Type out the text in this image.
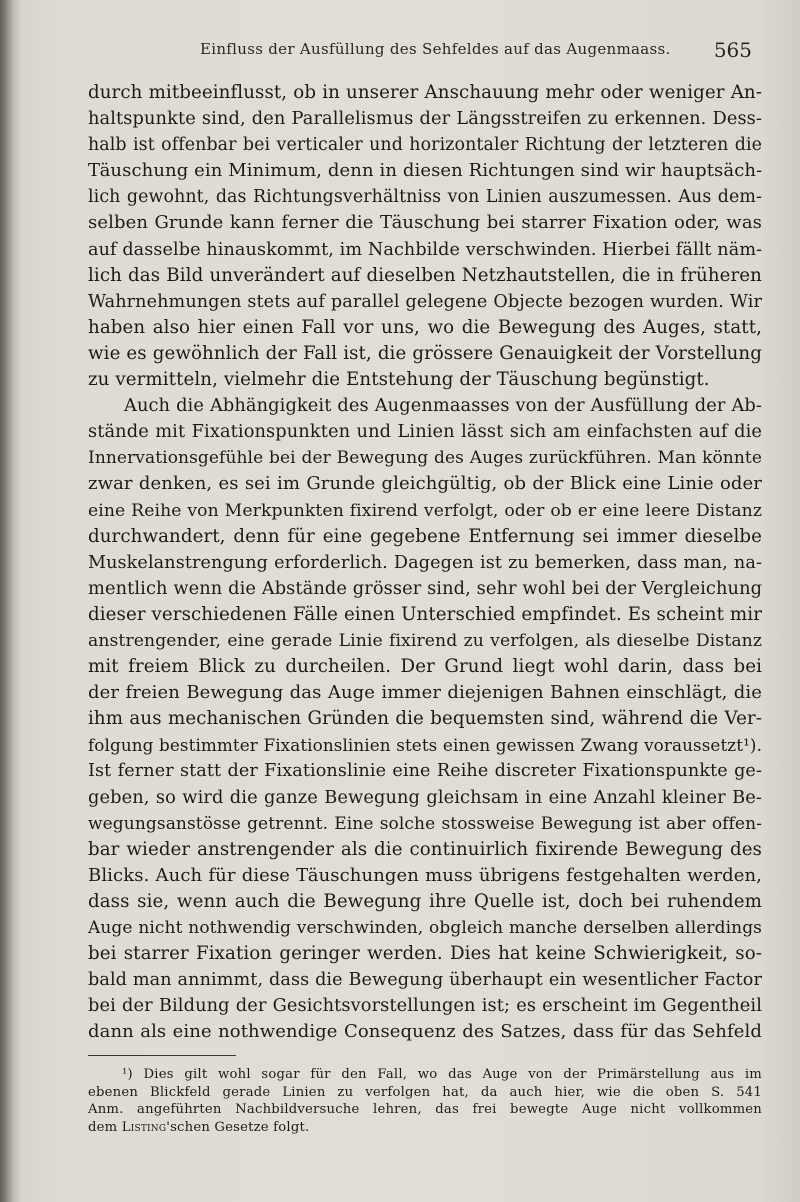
Einfluss der Ausfüllung des Sehfeldes auf das Augenmaass. 565
durch mitbeeinflusst, ob in unserer Anschauung mehr oder weniger An-
haltspunkte sind, den Parallelismus der Längsstreifen zu erkennen. Dess-
halb ist offenbar bei verticaler und horizontaler Richtung der letzteren die
Täuschung ein Minimum, denn in diesen Richtungen sind wir hauptsäch-
lich gewohnt, das Richtungsverhältniss von Linien auszumessen. Aus dem-
selben Grunde kann ferner die Täuschung bei starrer Fixation oder, was
auf dasselbe hinauskommt, im Nachbilde verschwinden. Hierbei fällt näm-
lich das Bild unverändert auf dieselben Netzhautstellen, die in früheren
Wahrnehmungen stets auf parallel gelegene Objecte bezogen wurden. Wir
haben also hier einen Fall vor uns, wo die Bewegung des Auges, statt,
wie es gewöhnlich der Fall ist, die grössere Genauigkeit der Vorstellung
zu vermitteln, vielmehr die Entstehung der Täuschung begünstigt.
Auch die Abhängigkeit des Augenmaasses von der Ausfüllung der Ab-
stände mit Fixationspunkten und Linien lässt sich am einfachsten auf die
Innervationsgefühle bei der Bewegung des Auges zurückführen. Man könnte
zwar denken, es sei im Grunde gleichgültig, ob der Blick eine Linie oder
eine Reihe von Merkpunkten fixirend verfolgt, oder ob er eine leere Distanz
durchwandert, denn für eine gegebene Entfernung sei immer dieselbe
Muskelanstrengung erforderlich. Dagegen ist zu bemerken, dass man, na-
mentlich wenn die Abstände grösser sind, sehr wohl bei der Vergleichung
dieser verschiedenen Fälle einen Unterschied empfindet. Es scheint mir
anstrengender, eine gerade Linie fixirend zu verfolgen, als dieselbe Distanz
mit freiem Blick zu durcheilen. Der Grund liegt wohl darin, dass bei
der freien Bewegung das Auge immer diejenigen Bahnen einschlägt, die
ihm aus mechanischen Gründen die bequemsten sind, während die Ver-
folgung bestimmter Fixationslinien stets einen gewissen Zwang voraussetzt¹).
Ist ferner statt der Fixationslinie eine Reihe discreter Fixationspunkte ge-
geben, so wird die ganze Bewegung gleichsam in eine Anzahl kleiner Be-
wegungsanstösse getrennt. Eine solche stossweise Bewegung ist aber offen-
bar wieder anstrengender als die continuirlich fixirende Bewegung des
Blicks. Auch für diese Täuschungen muss übrigens festgehalten werden,
dass sie, wenn auch die Bewegung ihre Quelle ist, doch bei ruhendem
Auge nicht nothwendig verschwinden, obgleich manche derselben allerdings
bei starrer Fixation geringer werden. Dies hat keine Schwierigkeit, so-
bald man annimmt, dass die Bewegung überhaupt ein wesentlicher Factor
bei der Bildung der Gesichtsvorstellungen ist; es erscheint im Gegentheil
dann als eine nothwendige Consequenz des Satzes, dass für das Sehfeld
¹) Dies gilt wohl sogar für den Fall, wo das Auge von der Primärstellung aus im
ebenen Blickfeld gerade Linien zu verfolgen hat, da auch hier, wie die oben S. 541
Anm. angeführten Nachbildversuche lehren, das frei bewegte Auge nicht vollkommen
dem Listing'schen Gesetze folgt.
